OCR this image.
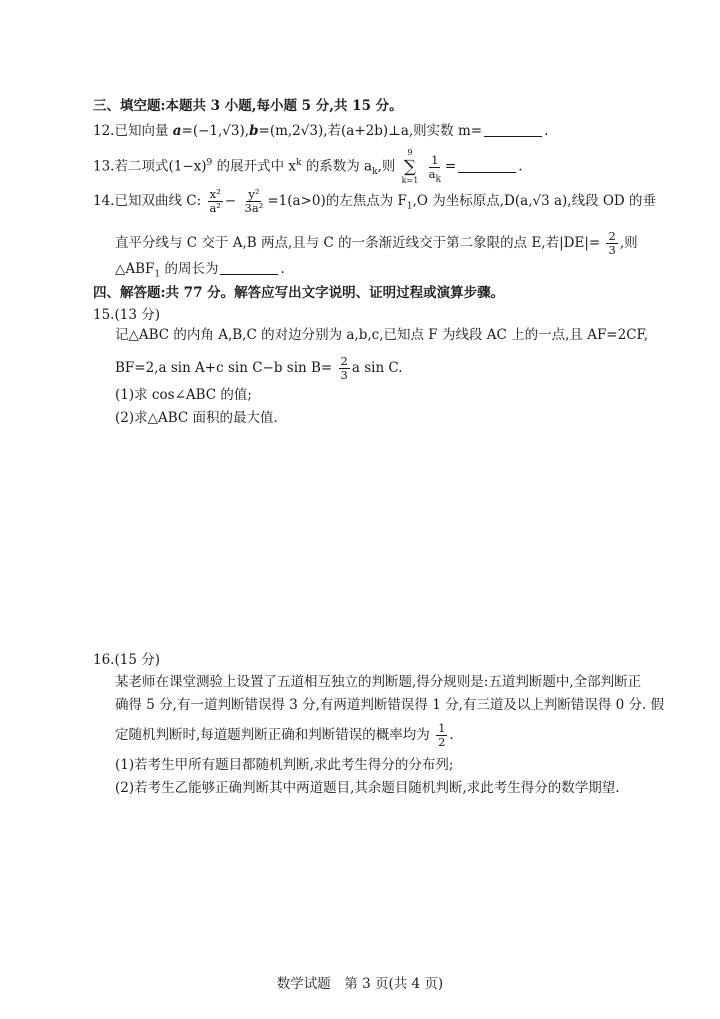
三、填空题:本题共 3 小题,每小题 5 分,共 15 分。
12.已知向量 a=(−1,√3),b=(m,2√3),若(a+2b)⊥a,则实数 m=	.
13.若二项式$(1-x)^9$ 的展开式中 $x^k$ 的系数为 $a_k$,则
9
∑
k=1
$\frac{1}{a_k}$ =	.
14.已知双曲线 C: $\frac{\text{x²}}{\text{a²}} - \frac{\text{y²}}{\text{3a²}} =1(a>0)$的左焦点为 $F_1,O$ 为坐标原点,D(a,√3 a),线段 OD 的垂
直平分线与 C 交于 A,B 两点,且与 C 的一条渐近线交于第二象限的点 E,若$|DE|= \frac{2}{3}$ ,则
$\triangle ABF_1$ 的周长为	.
四、解答题:共 77 分。解答应写出文字说明、证明过程或演算步骤。
15.(13 分)
记△ABC 的内角 A,B,C 的对边分别为 a,b,c,已知点 F 为线段 AC 上的一点,且 AF=2CF,
BF=2,a sin A+c sin C−b $\sin B= \frac{2}{3}$ a sin C.
(1)求 cos∠ABC 的值;
(2)求△ABC 面积的最大值.
16.(15 分)
某老师在课堂测验上设置了五道相互独立的判断题,得分规则是:五道判断题中,全部判断正
确得 5 分,有一道判断错误得 3 分,有两道判断错误得 1 分,有三道及以上判断错误得 0 分. 假
定随机判断时,每道题判断正确和判断错误的概率均为 $\frac{1}{2}$ .
(1)若考生甲所有题目都随机判断,求此考生得分的分布列;
(2)若考生乙能够正确判断其中两道题目,其余题目随机判断,求此考生得分的数学期望.
数学试题　第 3 页(共 4 页)
